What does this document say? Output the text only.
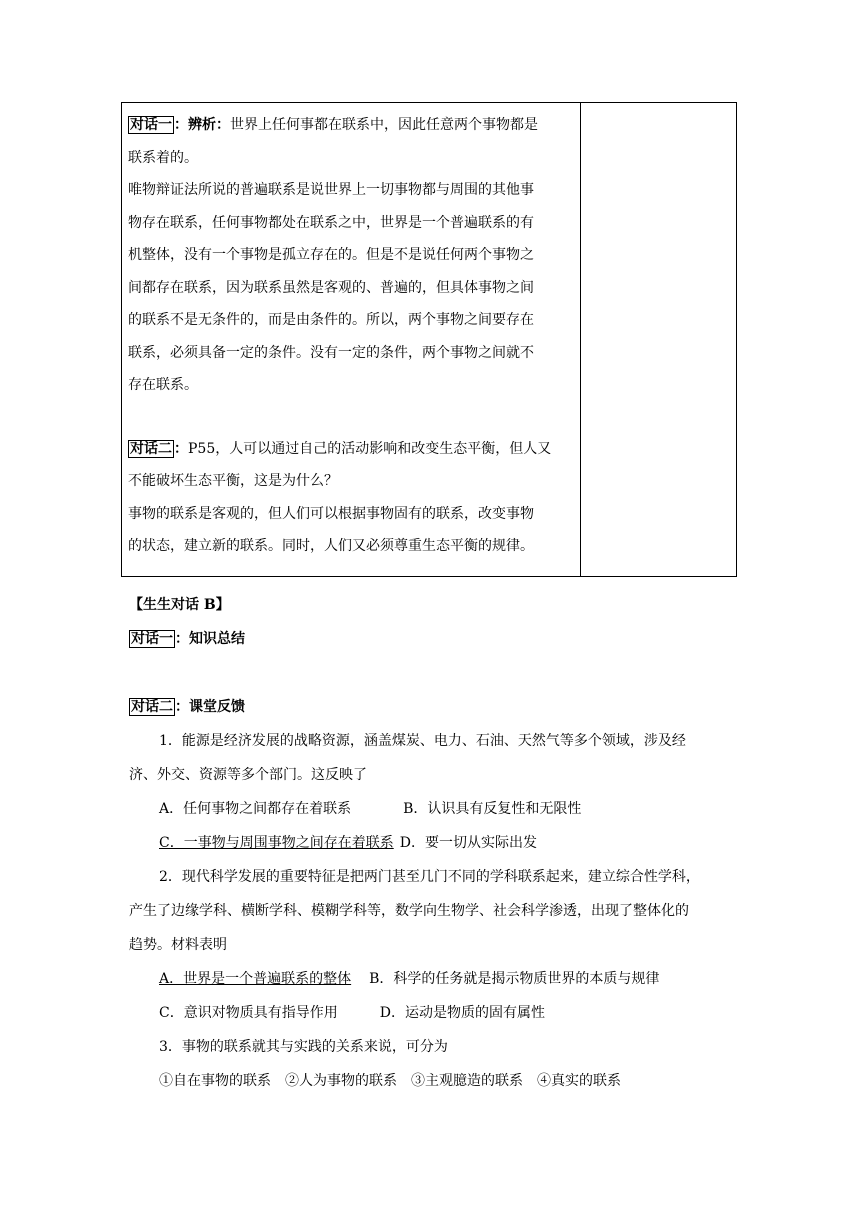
对话一 ：辨析：世界上任何事都在联系中，因此任意两个事物都是

联系着的。

唯物辩证法所说的普遍联系是说世界上一切事物都与周围的其他事

物存在联系，任何事物都处在联系之中，世界是一个普遍联系的有

机整体，没有一个事物是孤立存在的。但是不是说任何两个事物之

间都存在联系，因为联系虽然是客观的、普遍的，但具体事物之间

的联系不是无条件的，而是由条件的。所以，两个事物之间要存在

联系，必须具备一定的条件。没有一定的条件，两个事物之间就不

存在联系。

对话二 ：P55，人可以通过自己的活动影响和改变生态平衡，但人又

不能破坏生态平衡，这是为什么？

事物的联系是客观的，但人们可以根据事物固有的联系，改变事物

的状态，建立新的联系。同时，人们又必须尊重生态平衡的规律。

【生生对话 B】

对话一 ：知识总结

对话二 ：课堂反馈

1．能源是经济发展的战略资源，涵盖煤炭、电力、石油、天然气等多个领域，涉及经

济、外交、资源等多个部门。这反映了

A．任何事物之间都存在着联系	B．认识具有反复性和无限性

C．一事物与周围事物之间存在着联系 D．要一切从实际出发

2．现代科学发展的重要特征是把两门甚至几门不同的学科联系起来，建立综合性学科，

产生了边缘学科、横断学科、模糊学科等，数学向生物学、社会科学渗透，出现了整体化的

趋势。材料表明

A．世界是一个普遍联系的整体 B．科学的任务就是揭示物质世界的本质与规律

C．意识对物质具有指导作用	D．运动是物质的固有属性

3．事物的联系就其与实践的关系来说，可分为

①自在事物的联系　②人为事物的联系　③主观臆造的联系　④真实的联系
